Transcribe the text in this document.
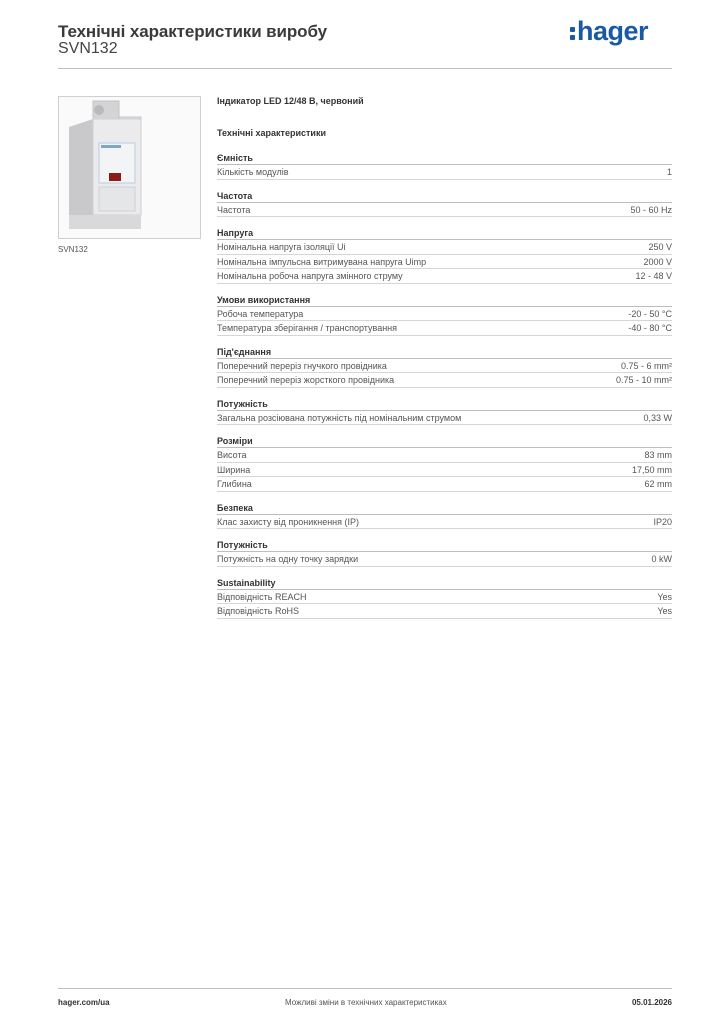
Технічні характеристики виробу
SVN132
hager
SVN132
Індикатор LED 12/48 В, червоний
Технічні характеристики
Ємність
Кількість модулів	1
Частота
Частота	50 - 60 Hz
Напруга
Номінальна напруга ізоляції Ui	250 V
Номінальна імпульсна витримувана напруга Uimp	2000 V
Номінальна робоча напруга змінного струму	12 - 48 V
Умови використання
Робоча температура	-20 - 50 °C
Температура зберігання / транспортування	-40 - 80 °C
Під'єднання
Поперечний переріз гнучкого провідника	0.75 - 6 mm²
Поперечний переріз жорсткого провідника	0.75 - 10 mm²
Потужність
Загальна розсіювана потужність під номінальним струмом	0,33 W
Розміри
Висота	83 mm
Ширина	17,50 mm
Глибина	62 mm
Безпека
Клас захисту від проникнення (IP)	IP20
Потужність
Потужність на одну точку зарядки	0 kW
Sustainability
Відповідність REACH	Yes
Відповідність RoHS	Yes
hager.com/ua	Можливі зміни в технічних характеристиках	05.01.2026
